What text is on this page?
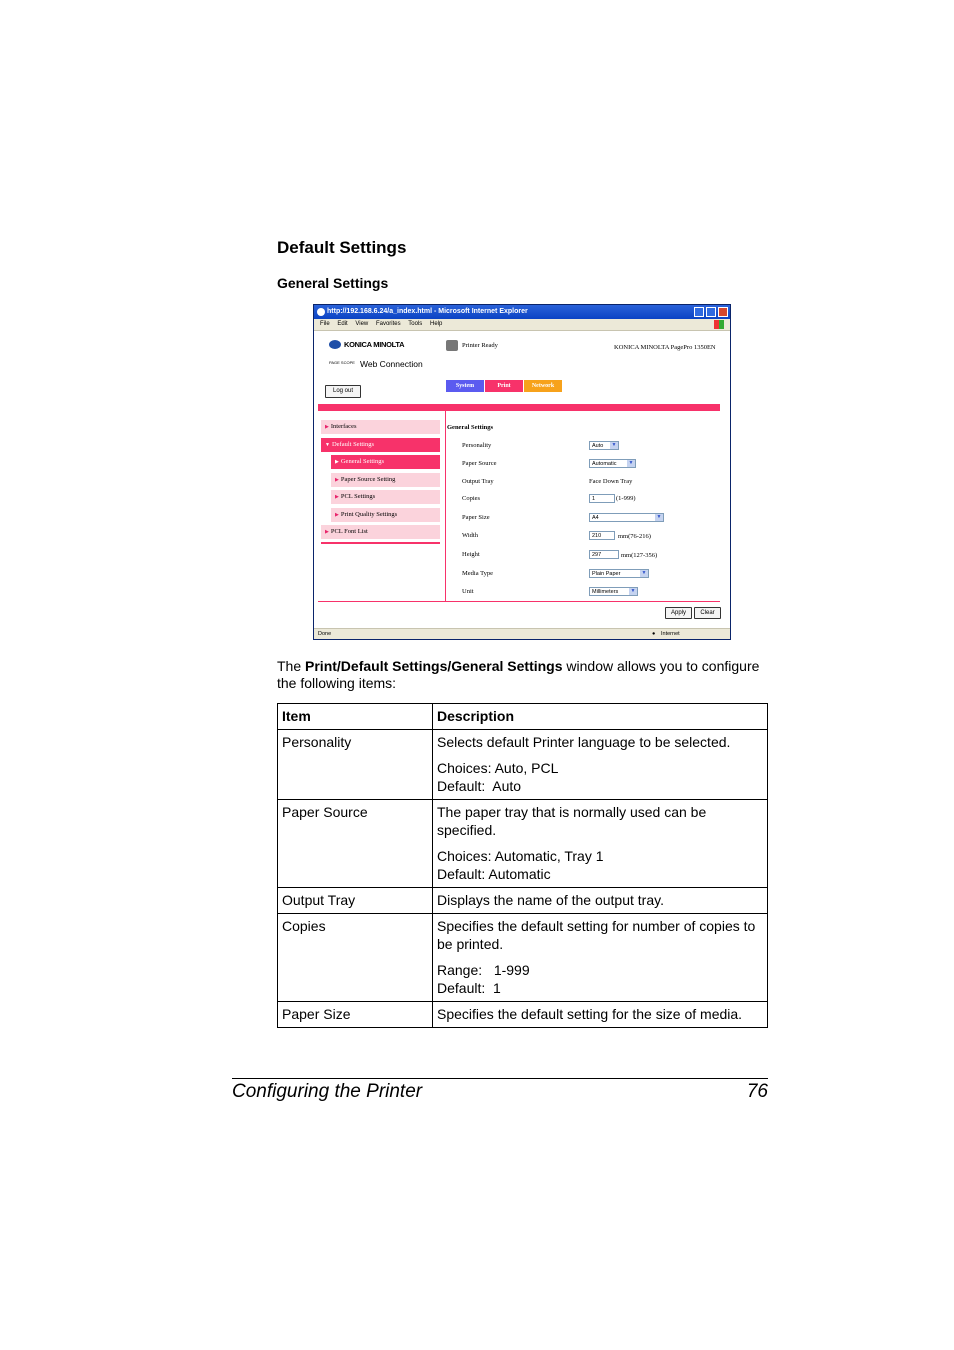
Default Settings
General Settings
http://192.168.6.24/a_index.html - Microsoft Internet Explorer
File Edit View Favorites Tools Help
KONICA MINOLTA
PAGE SCOPE Web Connection
Printer Ready	KONICA MINOLTA PagePro 1350EN
Log out
System	Print	Network
▶ Interfaces
▼ Default Settings
▶ General Settings
▶ Paper Source Setting
▶ PCL Settings
▶ Print Quality Settings
▶ PCL Font List
General Settings
Personality	Auto	▼
Paper Source	Automatic	▼
Output Tray	Face Down Tray
Copies	1	(1-999)
Paper Size	A4	▼
Width	210	mm(76-216)
Height	297	mm(127-356)
Media Type	Plain Paper	▼
Unit	Millimeters	▼
Apply	Clear
Done	● Internet
The Print/Default Settings/General Settings window allows you to configure the following items:
Item	Description
Personality	Selects default Printer language to be selected.

Choices: Auto, PCL
Default:  Auto

Paper Source	The paper tray that is normally used can be specified.

Choices: Automatic, Tray 1
Default: Automatic

Output Tray	Displays the name of the output tray.

Copies	Specifies the default setting for number of copies to be printed.

Range:   1-999
Default:  1

Paper Size	Specifies the default setting for the size of media.

Configuring the Printer	76
